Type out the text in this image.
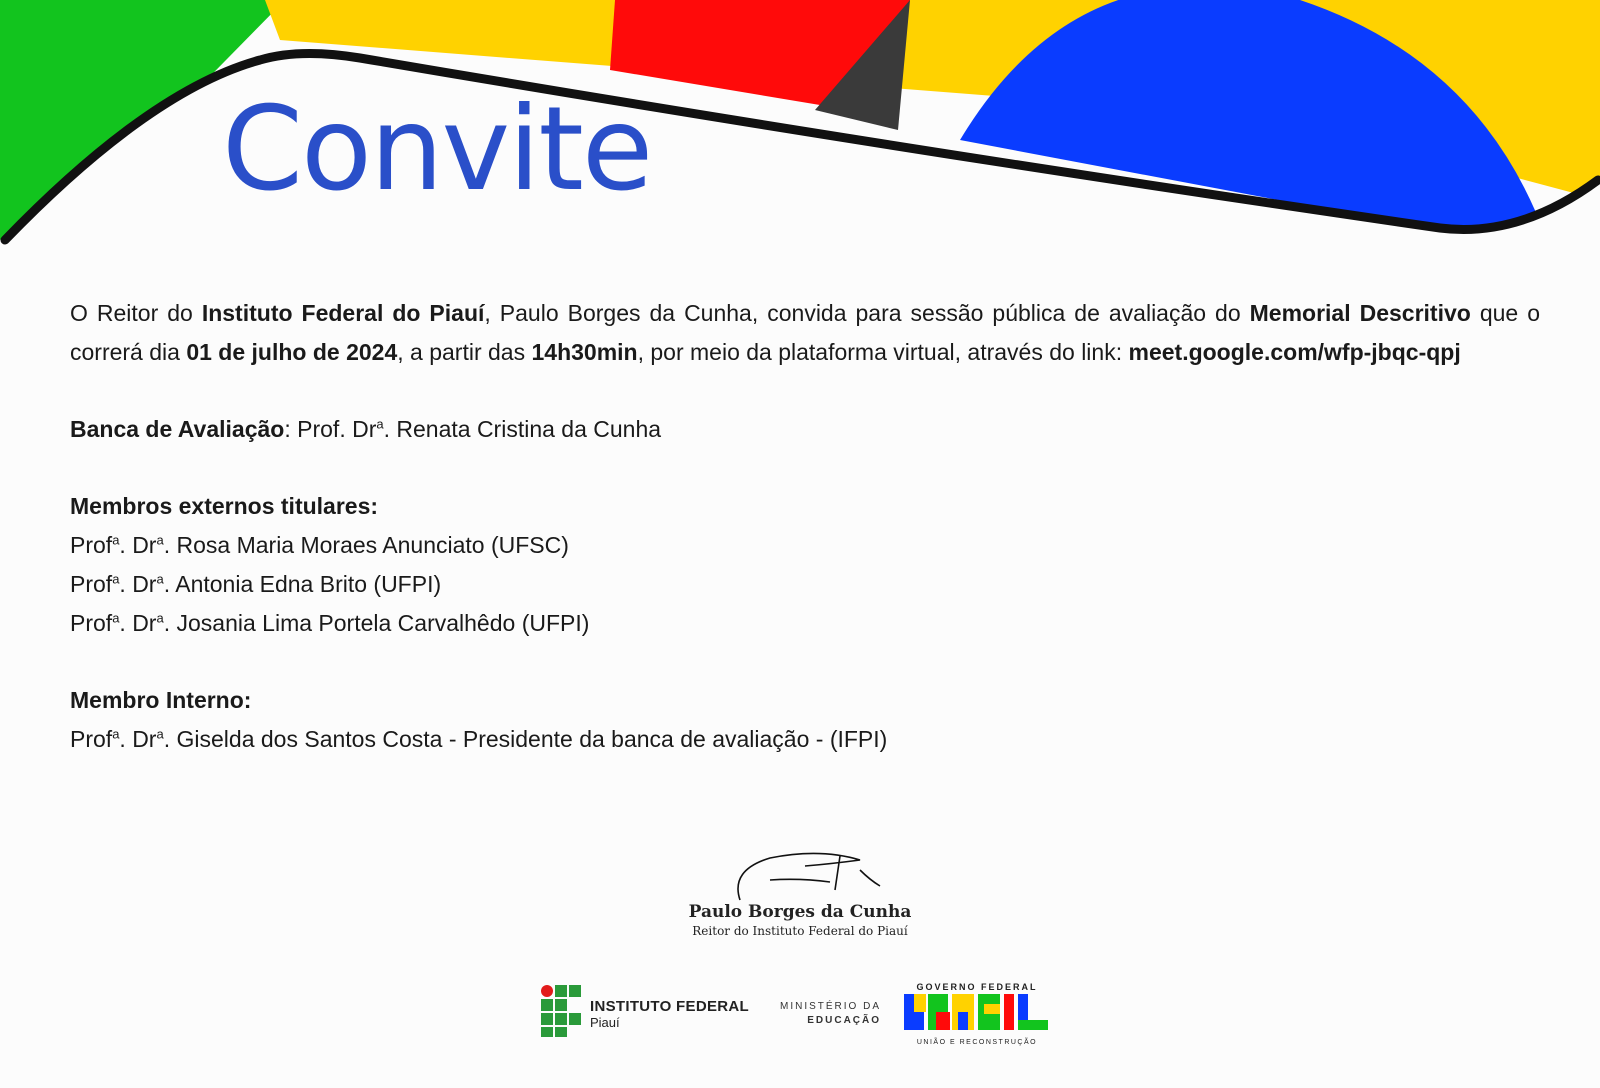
Convite

O Reitor do Instituto Federal do Piauí, Paulo Borges da Cunha, convida para sessão pública de avaliação do Memorial Descritivo que o correrá dia 01 de julho de 2024, a partir das 14h30min, por meio da plataforma virtual, através do link: meet.google.com/wfp-jbqc-qpj

Banca de Avaliação: Prof. Dr$^a$. Renata Cristina da Cunha

Membros externos titulares:

Prof$^a$. Dr$^a$. Rosa Maria Moraes Anunciato (UFSC)

Prof$^a$. Dr$^a$. Antonia Edna Brito (UFPI)

Prof$^a$. Dr$^a$. Josania Lima Portela Carvalhêdo (UFPI)

Membro Interno:

Prof$^a$. Dr$^a$. Giselda dos Santos Costa - Presidente da banca de avaliação - (IFPI)

Paulo Borges da Cunha
Reitor do Instituto Federal do Piauí
INSTITUTO FEDERAL
Piauí
MINISTÉRIO DA
EDUCAÇÃO
GOVERNO FEDERAL
UNIÃO E RECONSTRUÇÃO
